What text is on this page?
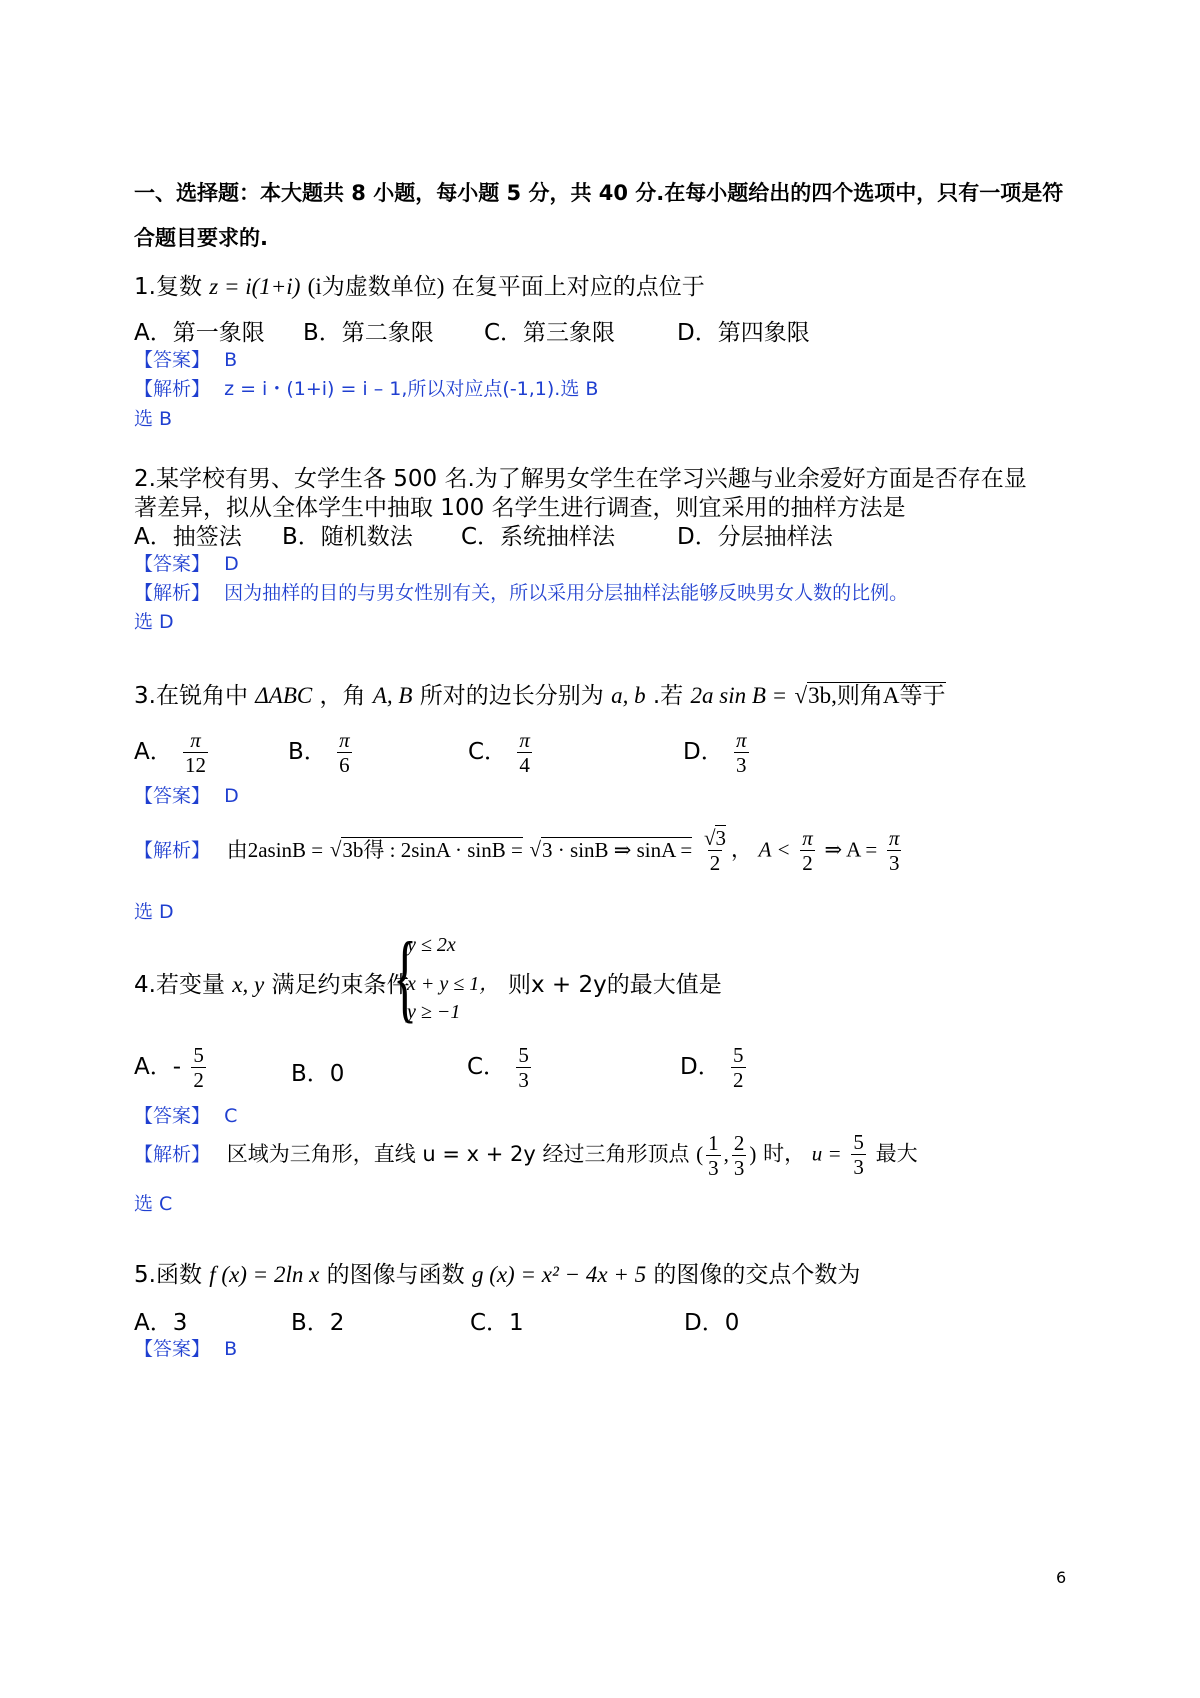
一、选择题：本大题共 8 小题，每小题 5 分，共 40 分.在每小题给出的四个选项中，只有一项是符
合题目要求的.
1.复数 z = i(1+i) (i为虚数单位) 在复平面上对应的点位于
A．第一象限 B．第二象限 C．第三象限	D．第四象限
【答案】 B
【解析】 z = i・(1+i) = i – 1,所以对应点(-1,1).选 B
选 B
2.某学校有男、女学生各 500 名.为了解男女学生在学习兴趣与业余爱好方面是否存在显
著差异，拟从全体学生中抽取 100 名学生进行调查，则宜采用的抽样方法是
A．抽签法 B．随机数法 C．系统抽样法	D．分层抽样法
【答案】 D
【解析】 因为抽样的目的与男女性别有关，所以采用分层抽样法能够反映男女人数的比例。
选 D
3.在锐角中 ΔABC ，角 A, B 所对的边长分别为 a, b .若 2a sin B = √3b,则角A等于
A． $\frac{\pi}{12}$	B． $\frac{\pi}{6}$	C． $\frac{\pi}{4}$	D． $\frac{\pi}{3}$
【答案】 D
【解析】 由2asinB = √3b得 : 2sinA · sinB = √3 · sinB ⇒ $\sin A = \frac{√3}{2}$ ， $A < \frac{\pi}{2}$ ⇒ $A = \frac{\pi}{3}$
选 D
4.若变量 x, y 满足约束条件
{
y ≤ 2x
x + y ≤ 1，
y ≥ −1
则x + 2y的最大值是
A．- $\frac{5}{2}$	B．0	C． $\frac{5}{3}$	D． $\frac{5}{2}$
【答案】 C
【解析】 区域为三角形，直线 u = x + 2y 经过三角形顶点 ( $\frac{1}{3}$ , $\frac{2}{3}$ ) 时， $u = \frac{5}{3}$ 最大
选 C
5.函数 f (x) = 2ln x 的图像与函数 g (x) = x² − 4x + 5 的图像的交点个数为
A．3	B．2	C．1	D．0
【答案】 B
6
